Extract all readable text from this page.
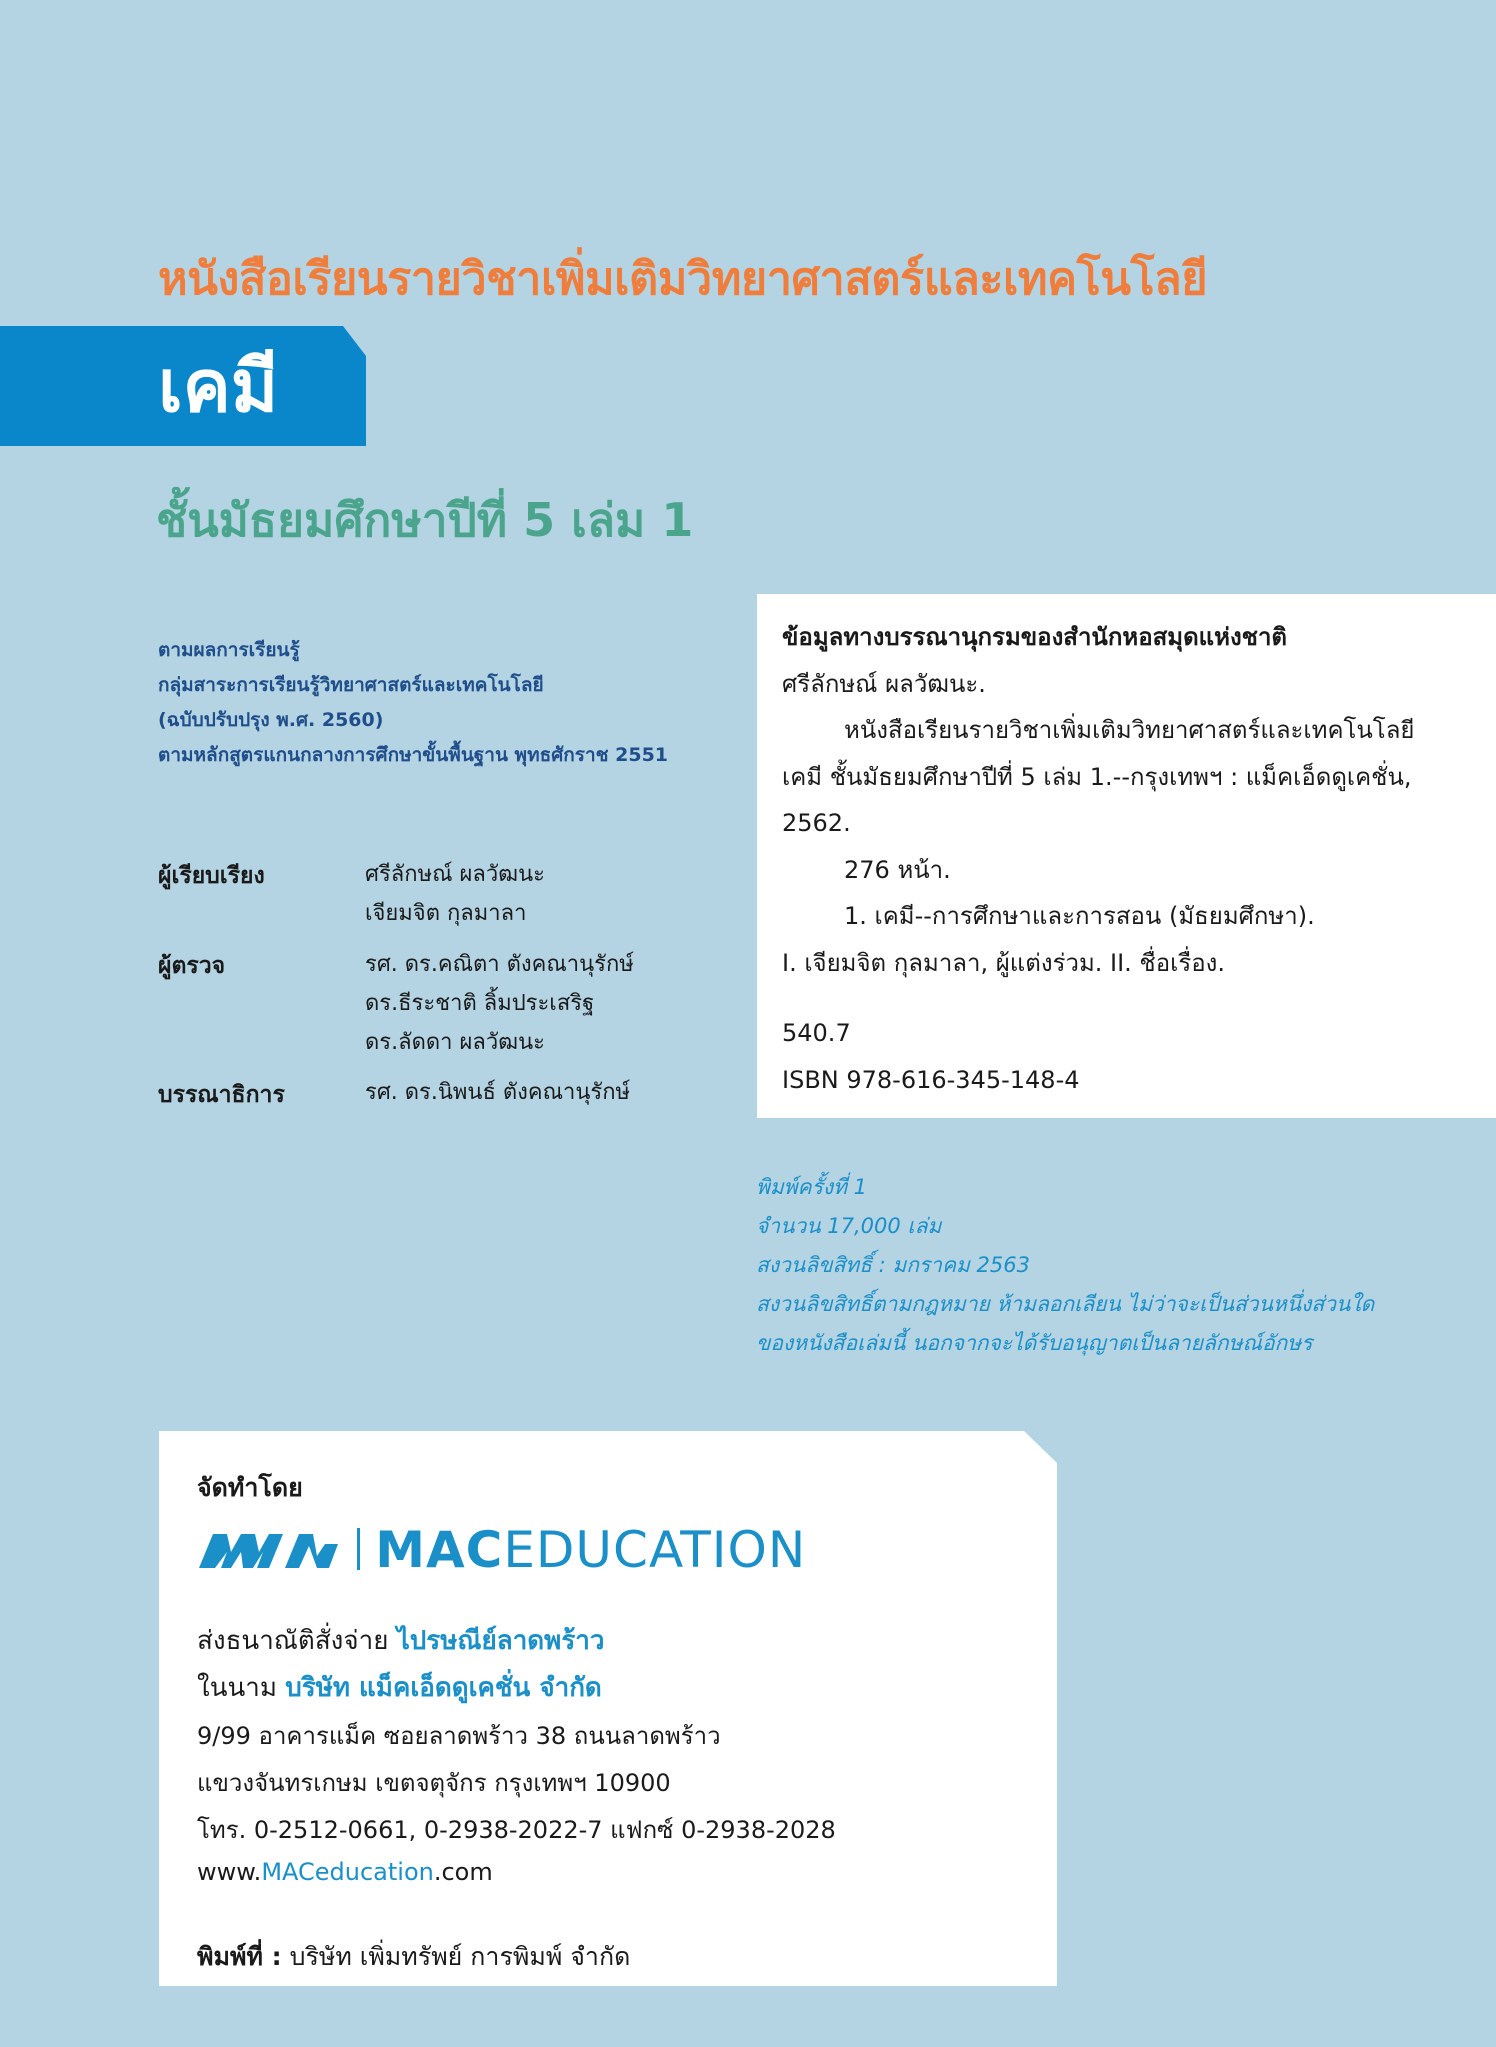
หนังสือเรียนรายวิชาเพิ่มเติมวิทยาศาสตร์และเทคโนโลยี
เคมี
ชั้นมัธยมศึกษาปีที่ 5 เล่ม 1
ตามผลการเรียนรู้
กลุ่มสาระการเรียนรู้วิทยาศาสตร์และเทคโนโลยี
(ฉบับปรับปรุง พ.ศ. 2560)
ตามหลักสูตรแกนกลางการศึกษาขั้นพื้นฐาน พุทธศักราช 2551
ผู้เรียบเรียง	ศรีลักษณ์ ผลวัฒนะ
เจียมจิต กุลมาลา
ผู้ตรวจ	รศ. ดร.คณิตา ตังคณานุรักษ์
ดร.ธีระชาติ ลิ้มประเสริฐ
ดร.ลัดดา ผลวัฒนะ
บรรณาธิการ	รศ. ดร.นิพนธ์ ตังคณานุรักษ์
ข้อมูลทางบรรณานุกรมของสำนักหอสมุดแห่งชาติ
ศรีลักษณ์ ผลวัฒนะ.
หนังสือเรียนรายวิชาเพิ่มเติมวิทยาศาสตร์และเทคโนโลยี
เคมี ชั้นมัธยมศึกษาปีที่ 5 เล่ม 1.--กรุงเทพฯ : แม็คเอ็ดดูเคชั่น,
2562.
276 หน้า.
1. เคมี--การศึกษาและการสอน (มัธยมศึกษา).
I. เจียมจิต กุลมาลา, ผู้แต่งร่วม. II. ชื่อเรื่อง.
540.7
ISBN 978-616-345-148-4
พิมพ์ครั้งที่ 1
จำนวน 17,000 เล่ม
สงวนลิขสิทธิ์ : มกราคม 2563
สงวนลิขสิทธิ์ตามกฎหมาย ห้ามลอกเลียน ไม่ว่าจะเป็นส่วนหนึ่งส่วนใด
ของหนังสือเล่มนี้ นอกจากจะได้รับอนุญาตเป็นลายลักษณ์อักษร
จัดทำโดย
MACEDUCATION
ส่งธนาณัติสั่งจ่าย ไปรษณีย์ลาดพร้าว
ในนาม บริษัท แม็คเอ็ดดูเคชั่น จำกัด
9/99 อาคารแม็ค ซอยลาดพร้าว 38 ถนนลาดพร้าว
แขวงจันทรเกษม เขตจตุจักร กรุงเทพฯ 10900
โทร. 0-2512-0661, 0-2938-2022-7 แฟกซ์ 0-2938-2028
www.MACeducation.com
พิมพ์ที่ : บริษัท เพิ่มทรัพย์ การพิมพ์ จำกัด
